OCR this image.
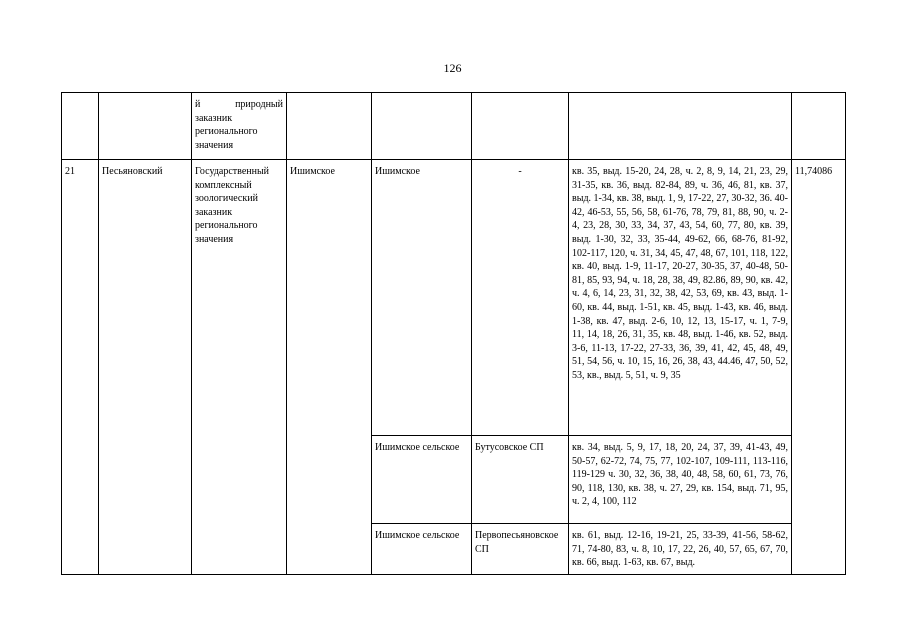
126
		й природный заказник регионального значения					
21	Песьяновский	Государственный комплексный зоологический заказник регионального значения	Ишимское	Ишимское	-	кв. 35, выд. 15-20, 24, 28, ч. 2, 8, 9, 14, 21, 23, 29, 31-35, кв. 36, выд. 82-84, 89, ч. 36, 46, 81, кв. 37, выд. 1-34, кв. 38, выд. 1, 9, 17-22, 27, 30-32, 36. 40-42, 46-53, 55, 56, 58, 61-76, 78, 79, 81, 88, 90, ч. 2-4, 23, 28, 30, 33, 34, 37, 43, 54, 60, 77, 80, кв. 39, выд. 1-30, 32, 33, 35-44, 49-62, 66, 68-76, 81-92, 102-117, 120, ч. 31, 34, 45, 47, 48, 67, 101, 118, 122, кв. 40, выд. 1-9, 11-17, 20-27, 30-35, 37, 40-48, 50-81, 85, 93, 94, ч. 18, 28, 38, 49, 82.86, 89, 90, кв. 42, ч. 4, 6, 14, 23, 31, 32, 38, 42, 53, 69, кв. 43, выд. 1-60, кв. 44, выд. 1-51, кв. 45, выд. 1-43, кв. 46, выд. 1-38, кв. 47, выд. 2-6, 10, 12, 13, 15-17, ч. 1, 7-9, 11, 14, 18, 26, 31, 35, кв. 48, выд. 1-46, кв. 52, выд. 3-6, 11-13, 17-22, 27-33, 36, 39, 41, 42, 45, 48, 49, 51, 54, 56, ч. 10, 15, 16, 26, 38, 43, 44.46, 47, 50, 52, 53, кв., выд. 5, 51, ч. 9, 35	11,74086
				Ишимское сельское	Бутусовское СП	кв. 34, выд. 5, 9, 17, 18, 20, 24, 37, 39, 41-43, 49, 50-57, 62-72, 74, 75, 77, 102-107, 109-111, 113-116, 119-129 ч. 30, 32, 36, 38, 40, 48, 58, 60, 61, 73, 76, 90, 118, 130, кв. 38, ч. 27, 29, кв. 154, выд. 71, 95, ч. 2, 4, 100, 112	
				Ишимское сельское	Первопесьяновское СП	кв. 61, выд. 12-16, 19-21, 25, 33-39, 41-56, 58-62, 71, 74-80, 83, ч. 8, 10, 17, 22, 26, 40, 57, 65, 67, 70, кв. 66, выд. 1-63, кв. 67, выд.	
